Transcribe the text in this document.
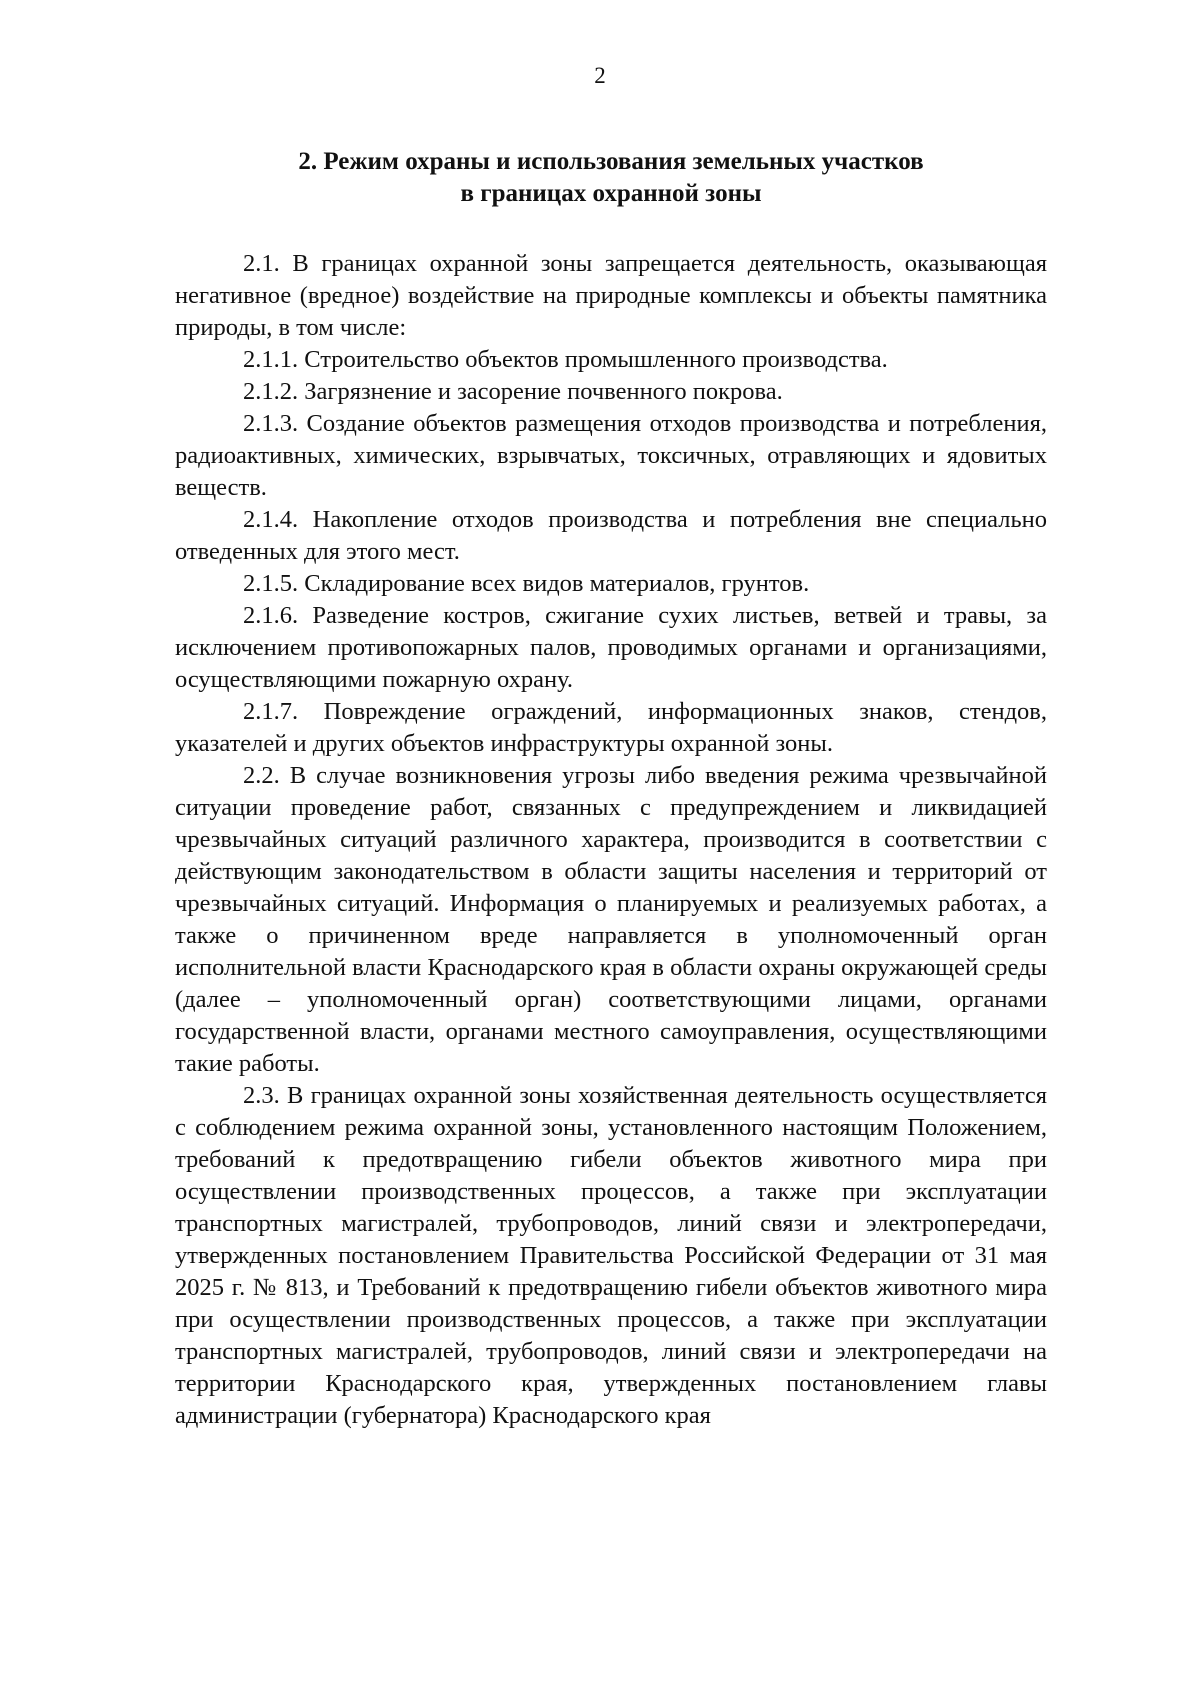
2
2. Режим охраны и использования земельных участков
в границах охранной зоны

2.1. В границах охранной зоны запрещается деятельность, оказывающая негативное (вредное) воздействие на природные комплексы и объекты памятника природы, в том числе:

2.1.1. Строительство объектов промышленного производства.

2.1.2. Загрязнение и засорение почвенного покрова.

2.1.3. Создание объектов размещения отходов производства и потребления, радиоактивных, химических, взрывчатых, токсичных, отравляющих и ядовитых веществ.

2.1.4. Накопление отходов производства и потребления вне специально отведенных для этого мест.

2.1.5. Складирование всех видов материалов, грунтов.

2.1.6. Разведение костров, сжигание сухих листьев, ветвей и травы, за исключением противопожарных палов, проводимых органами и организациями, осуществляющими пожарную охрану.

2.1.7. Повреждение ограждений, информационных знаков, стендов, указателей и других объектов инфраструктуры охранной зоны.

2.2. В случае возникновения угрозы либо введения режима чрезвычайной ситуации проведение работ, связанных с предупреждением и ликвидацией чрезвычайных ситуаций различного характера, производится в соответствии с действующим законодательством в области защиты населения и территорий от чрезвычайных ситуаций. Информация о планируемых и реализуемых работах, а также о причиненном вреде направляется в уполномоченный орган исполнительной власти Краснодарского края в области охраны окружающей среды (далее – уполномоченный орган) соответствующими лицами, органами государственной власти, органами местного самоуправления, осуществляющими такие работы.

2.3. В границах охранной зоны хозяйственная деятельность осуществляется с соблюдением режима охранной зоны, установленного настоящим Положением, требований к предотвращению гибели объектов животного мира при осуществлении производственных процессов, а также при эксплуатации транспортных магистралей, трубопроводов, линий связи и электропередачи, утвержденных постановлением Правительства Российской Федерации от 31 мая 2025 г. № 813, и Требований к предотвращению гибели объектов животного мира при осуществлении производственных процессов, а также при эксплуатации транспортных магистралей, трубопроводов, линий связи и электропередачи на территории Краснодарского края, утвержденных постановлением главы администрации (губернатора) Краснодарского края
